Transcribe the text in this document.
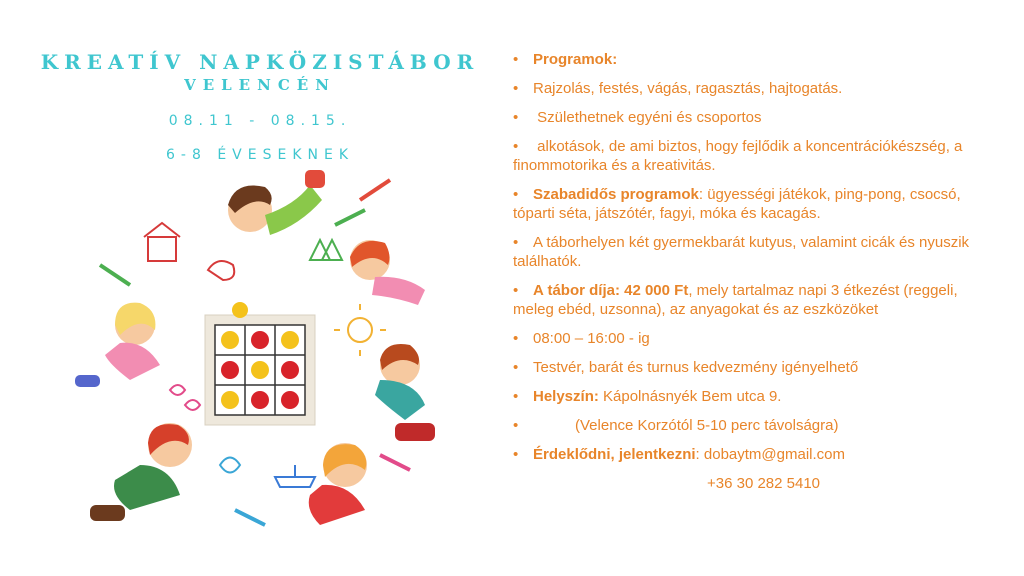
KREATÍV NAPKÖZISTÁBOR
VELENCÉN
08.11 - 08.15.
6-8 ÉVESEKNEK
• Programok:
• Rajzolás, festés, vágás, ragasztás, hajtogatás.
• Születhetnek egyéni és csoportos
• alkotások, de ami biztos, hogy fejlődik a koncentrációkészség, a finommotorika és a kreativitás.
• Szabadidős programok: ügyességi játékok, ping-pong, csocsó, tóparti séta, játszótér, fagyi, móka és kacagás.
• A táborhelyen két gyermekbarát kutyus, valamint cicák és nyuszik találhatók.
• A tábor díja: 42 000 Ft, mely tartalmaz napi 3 étkezést (reggeli, meleg ebéd, uzsonna), az anyagokat és az eszközöket
• 08:00 – 16:00 - ig
• Testvér, barát és turnus kedvezmény igényelhető
• Helyszín: Kápolnásnyék Bem utca 9.
•	(Velence Korzótól 5-10 perc távolságra)
• Érdeklődni, jelentkezni: dobaytm@gmail.com
+36 30 282 5410
